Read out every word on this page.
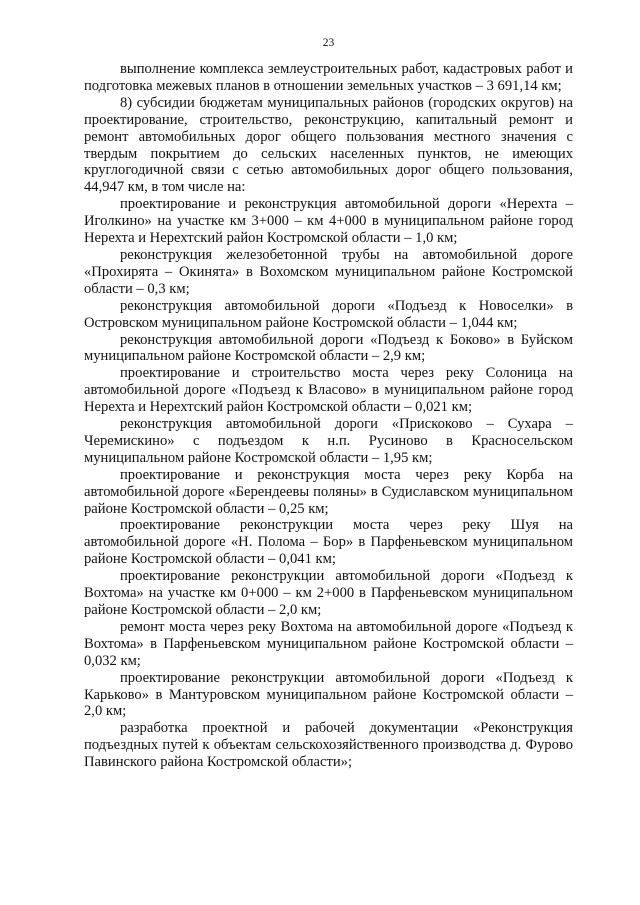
23

выполнение комплекса землеустроительных работ, кадастровых работ и подготовка межевых планов в отношении земельных участков – 3 691,14 км;

8) субсидии бюджетам муниципальных районов (городских округов) на проектирование, строительство, реконструкцию, капитальный ремонт и ремонт автомобильных дорог общего пользования местного значения с твердым покрытием до сельских населенных пунктов, не имеющих круглогодичной связи с сетью автомобильных дорог общего пользования, 44,947 км, в том числе на:

проектирование и реконструкция автомобильной дороги «Нерехта – Иголкино» на участке км 3+000 – км 4+000 в муниципальном районе город Нерехта и Нерехтский район Костромской области – 1,0 км;

реконструкция железобетонной трубы на автомобильной дороге «Прохирята – Окинята» в Вохомском муниципальном районе Костромской области – 0,3 км;

реконструкция автомобильной дороги «Подъезд к Новоселки» в Островском муниципальном районе Костромской области – 1,044 км;

реконструкция автомобильной дороги «Подъезд к Боково» в Буйском муниципальном районе Костромской области – 2,9 км;

проектирование и строительство моста через реку Солоница на автомобильной дороге «Подъезд к Власово» в муниципальном районе город Нерехта и Нерехтский район Костромской области – 0,021 км;

реконструкция автомобильной дороги «Прискоково – Сухара – Черемискино» с подъездом к н.п. Русиново в Красносельском муниципальном районе Костромской области – 1,95 км;

проектирование и реконструкция моста через реку Корба на автомобильной дороге «Берендеевы поляны» в Судиславском муниципальном районе Костромской области – 0,25 км;

проектирование реконструкции моста через реку Шуя на автомобильной дороге «Н. Полома – Бор» в Парфеньевском муниципальном районе Костромской области – 0,041 км;

проектирование реконструкции автомобильной дороги «Подъезд к Вохтома» на участке км 0+000 – км 2+000 в Парфеньевском муниципальном районе Костромской области – 2,0 км;

ремонт моста через реку Вохтома на автомобильной дороге «Подъезд к Вохтома» в Парфеньевском муниципальном районе Костромской области – 0,032 км;

проектирование реконструкции автомобильной дороги «Подъезд к Карьково» в Мантуровском муниципальном районе Костромской области – 2,0 км;

разработка проектной и рабочей документации «Реконструкция подъездных путей к объектам сельскохозяйственного производства д. Фурово Павинского района Костромской области»;
